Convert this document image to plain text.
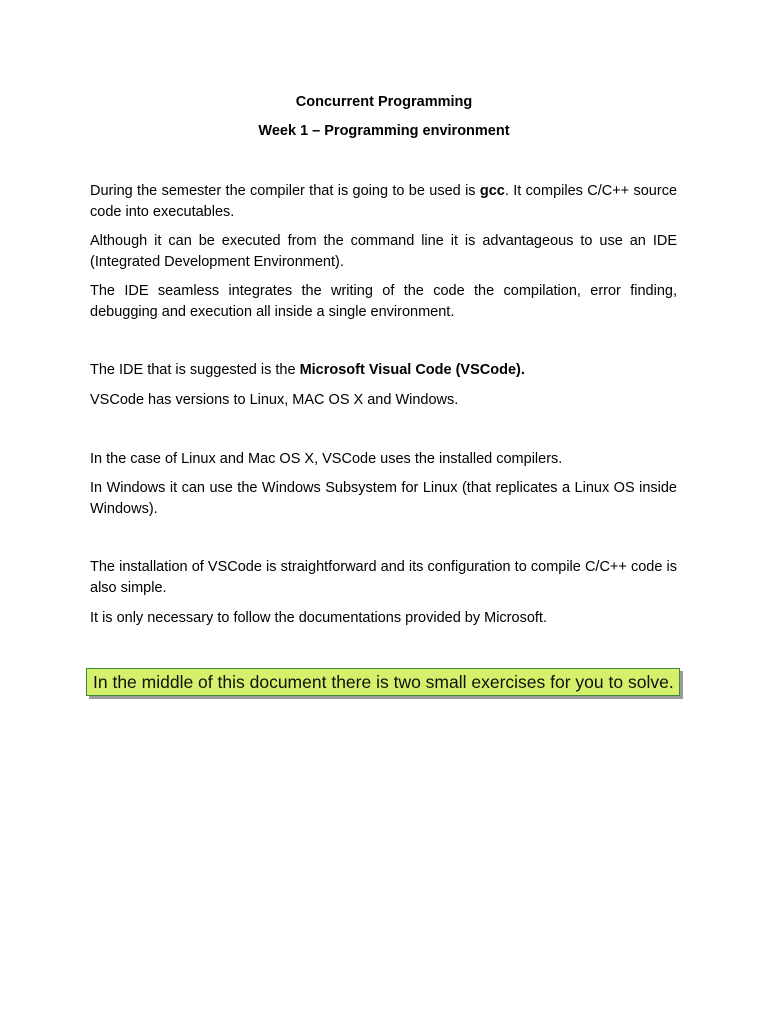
Concurrent Programming
Week 1 – Programming environment
During the semester the compiler that is going to be used is gcc. It compiles C/C++ source code into executables.
Although it can be executed from the command line it is advantageous to use an IDE (Integrated Development Environment).
The IDE seamless integrates the writing of the code the compilation, error finding, debugging and execution all inside a single environment.
The IDE that is suggested is the Microsoft Visual Code (VSCode).
VSCode has versions to Linux, MAC OS X and Windows.
In the case of Linux and Mac OS X, VSCode uses the installed compilers.
In Windows it can use the Windows Subsystem for Linux (that replicates a Linux OS inside Windows).
The installation of VSCode is straightforward and its configuration to compile C/C++ code is also simple.
It is only necessary to follow the documentations provided by Microsoft.
In the middle of this document there is two small exercises for you to solve.
